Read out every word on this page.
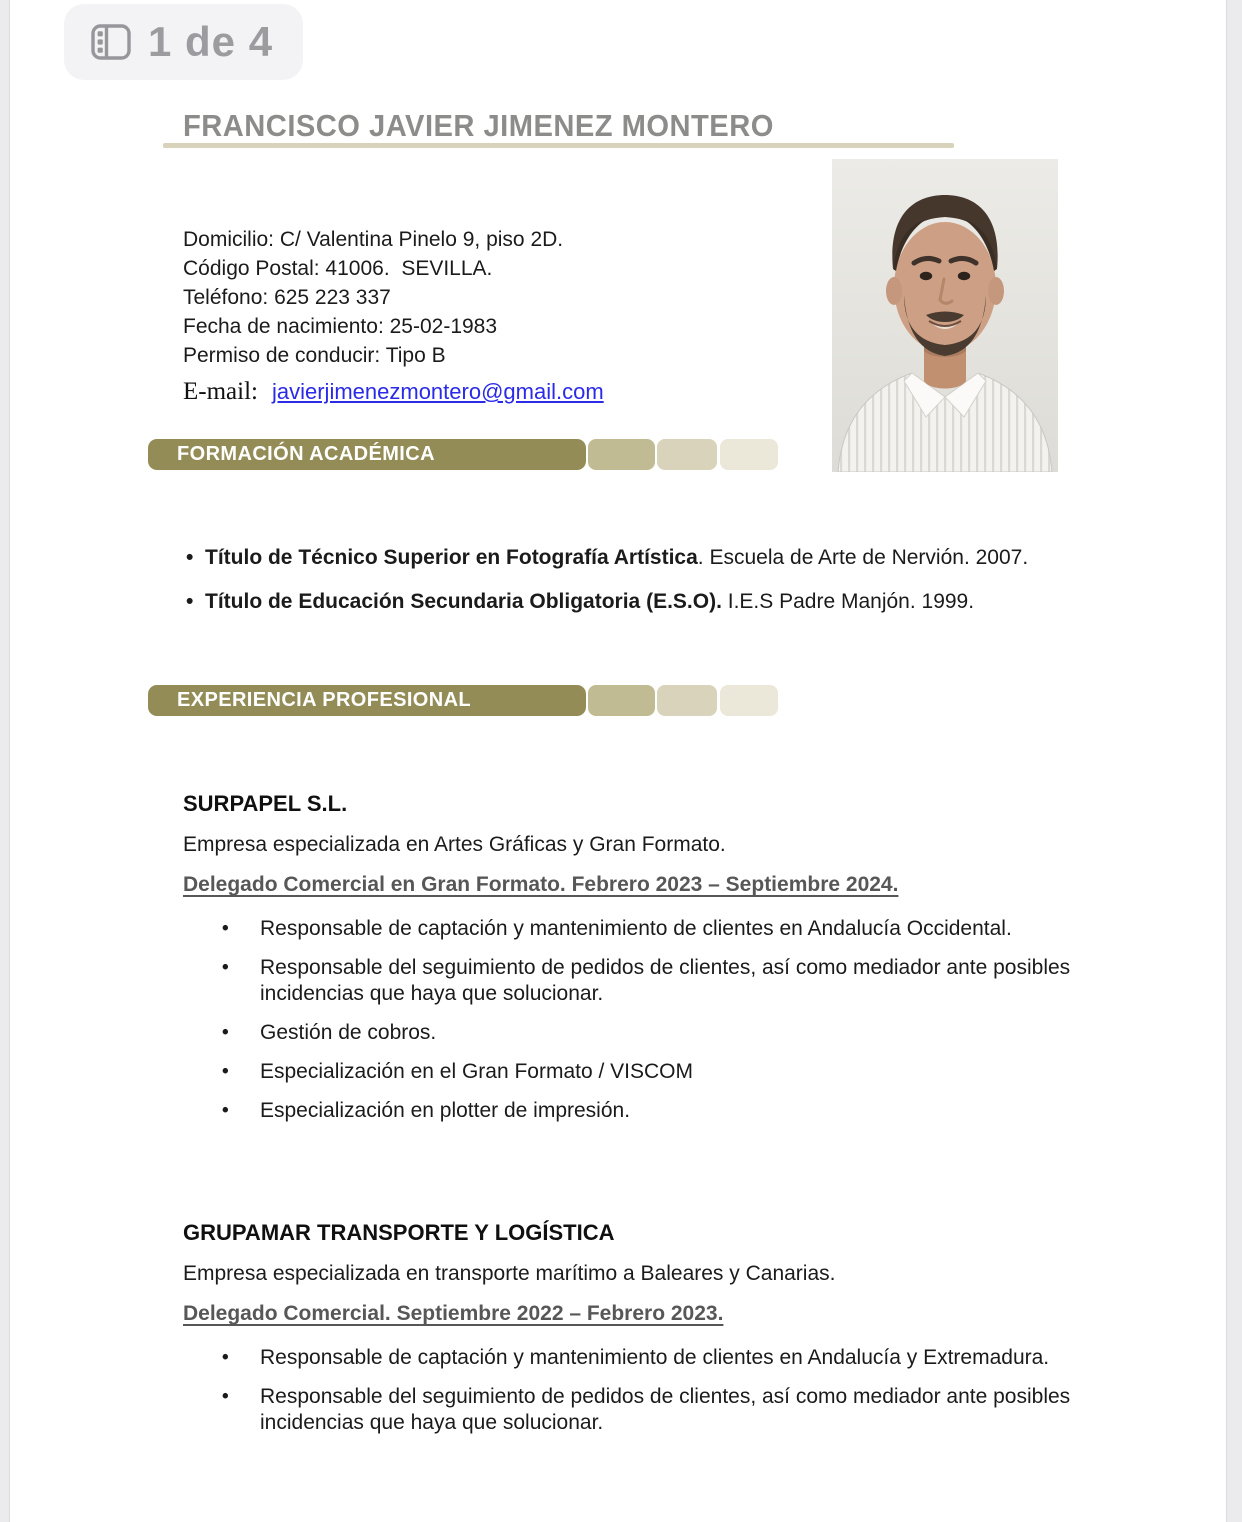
1 de 4
FRANCISCO JAVIER JIMENEZ MONTERO
Domicilio: C/ Valentina Pinelo 9, piso 2D.
Código Postal: 41006.  SEVILLA.
Teléfono: 625 223 337
Fecha de nacimiento: 25-02-1983
Permiso de conducir: Tipo B
E-mail: javierjimenezmontero@gmail.com
FORMACIÓN ACADÉMICA
• Título de Técnico Superior en Fotografía Artística. Escuela de Arte de Nervión. 2007.
• Título de Educación Secundaria Obligatoria (E.S.O). I.E.S Padre Manjón. 1999.
EXPERIENCIA PROFESIONAL
SURPAPEL S.L.
Empresa especializada en Artes Gráficas y Gran Formato.
Delegado Comercial en Gran Formato. Febrero 2023 – Septiembre 2024.
•	Responsable de captación y mantenimiento de clientes en Andalucía Occidental.
•	Responsable del seguimiento de pedidos de clientes, así como mediador ante posibles incidencias que haya que solucionar.
•	Gestión de cobros.
•	Especialización en el Gran Formato / VISCOM
•	Especialización en plotter de impresión.
GRUPAMAR TRANSPORTE Y LOGÍSTICA
Empresa especializada en transporte marítimo a Baleares y Canarias.
Delegado Comercial. Septiembre 2022 – Febrero 2023.
•	Responsable de captación y mantenimiento de clientes en Andalucía y Extremadura.
•	Responsable del seguimiento de pedidos de clientes, así como mediador ante posibles incidencias que haya que solucionar.
